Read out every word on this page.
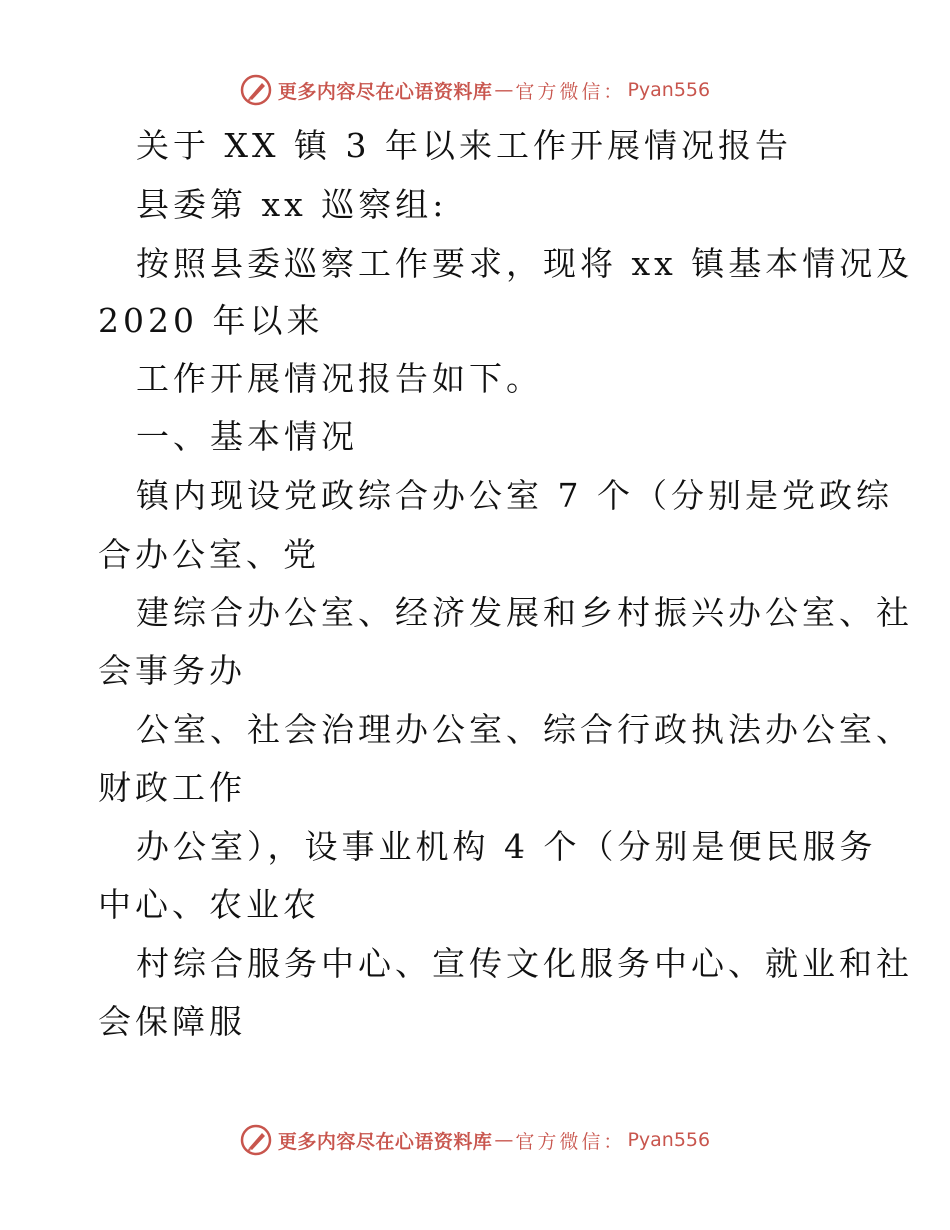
更多内容尽在心语资料库 — 官方微信： Pyan556
关于 XX 镇 3 年以来工作开展情况报告
县委第 xx 巡察组:
按照县委巡察工作要求，现将 xx 镇基本情况及
2020 年以来
工作开展情况报告如下。
一、基本情况
镇内现设党政综合办公室 7 个（分别是党政综
合办公室、党
建综合办公室、经济发展和乡村振兴办公室、社
会事务办
公室、社会治理办公室、综合行政执法办公室、
财政工作
办公室），设事业机构 4 个（分别是便民服务
中心、农业农
村综合服务中心、宣传文化服务中心、就业和社
会保障服
更多内容尽在心语资料库 — 官方微信： Pyan556
